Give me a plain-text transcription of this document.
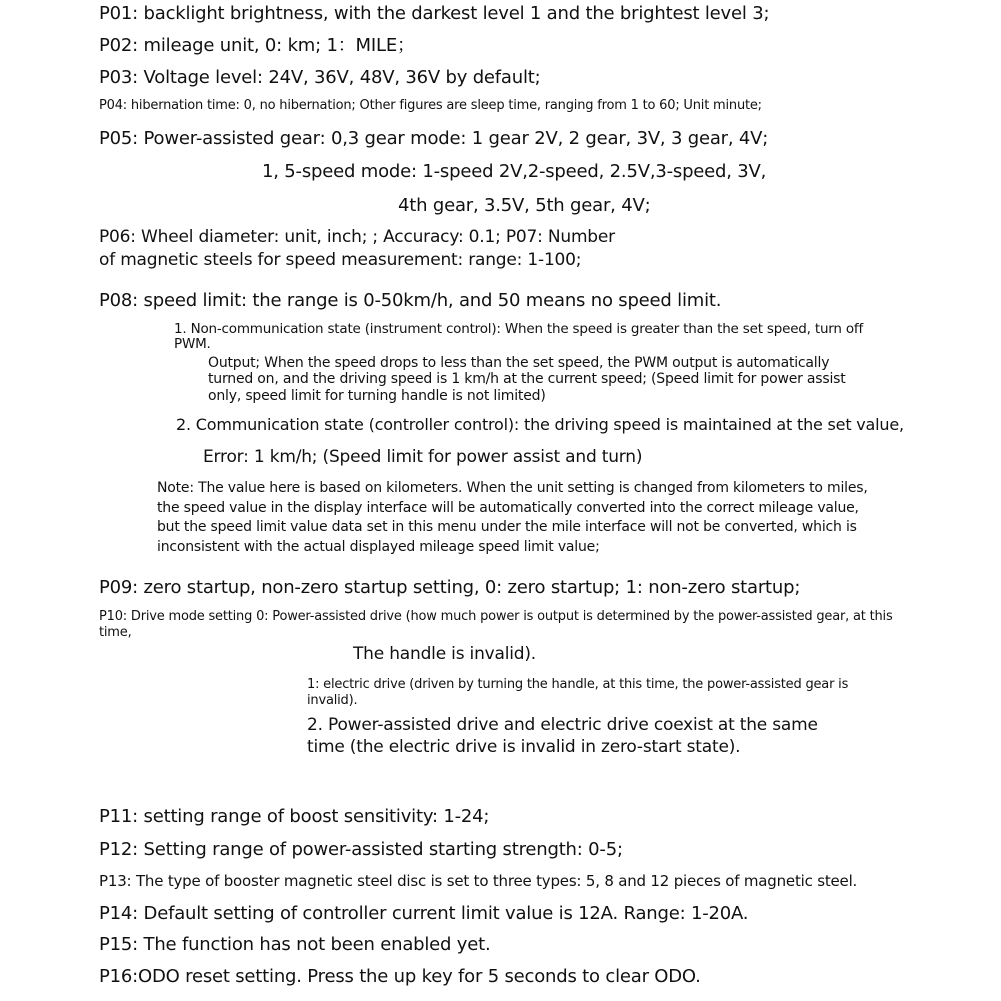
P01: backlight brightness, with the darkest level 1 and the brightest level 3;
P02: mileage unit, 0: km; 1：MILE；
P03: Voltage level: 24V, 36V, 48V, 36V by default;
P04: hibernation time: 0, no hibernation; Other figures are sleep time, ranging from 1 to 60; Unit minute;
P05: Power-assisted gear: 0,3 gear mode: 1 gear 2V, 2 gear, 3V, 3 gear, 4V;
1, 5-speed mode: 1-speed 2V,2-speed, 2.5V,3-speed, 3V,
4th gear, 3.5V, 5th gear, 4V;
P06: Wheel diameter: unit, inch; ; Accuracy: 0.1; P07: Number
of magnetic steels for speed measurement: range: 1-100;
P08: speed limit: the range is 0-50km/h, and 50 means no speed limit.
1. Non-communication state (instrument control): When the speed is greater than the set speed, turn off PWM.
Output; When the speed drops to less than the set speed, the PWM output is automatically turned on, and the driving speed is 1 km/h at the current speed; (Speed limit for power assist only, speed limit for turning handle is not limited)
2. Communication state (controller control): the driving speed is maintained at the set value,
Error: 1 km/h; (Speed limit for power assist and turn)
Note: The value here is based on kilometers. When the unit setting is changed from kilometers to miles, the speed value in the display interface will be automatically converted into the correct mileage value, but the speed limit value data set in this menu under the mile interface will not be converted, which is inconsistent with the actual displayed mileage speed limit value;
P09: zero startup, non-zero startup setting, 0: zero startup; 1: non-zero startup;
P10: Drive mode setting 0: Power-assisted drive (how much power is output is determined by the power-assisted gear, at this time,
The handle is invalid).
1: electric drive (driven by turning the handle, at this time, the power-assisted gear is invalid).
2. Power-assisted drive and electric drive coexist at the same time (the electric drive is invalid in zero-start state).
P11: setting range of boost sensitivity: 1-24;
P12: Setting range of power-assisted starting strength: 0-5;
P13: The type of booster magnetic steel disc is set to three types: 5, 8 and 12 pieces of magnetic steel.
P14: Default setting of controller current limit value is 12A. Range: 1-20A.
P15: The function has not been enabled yet.
P16:ODO reset setting. Press the up key for 5 seconds to clear ODO.
